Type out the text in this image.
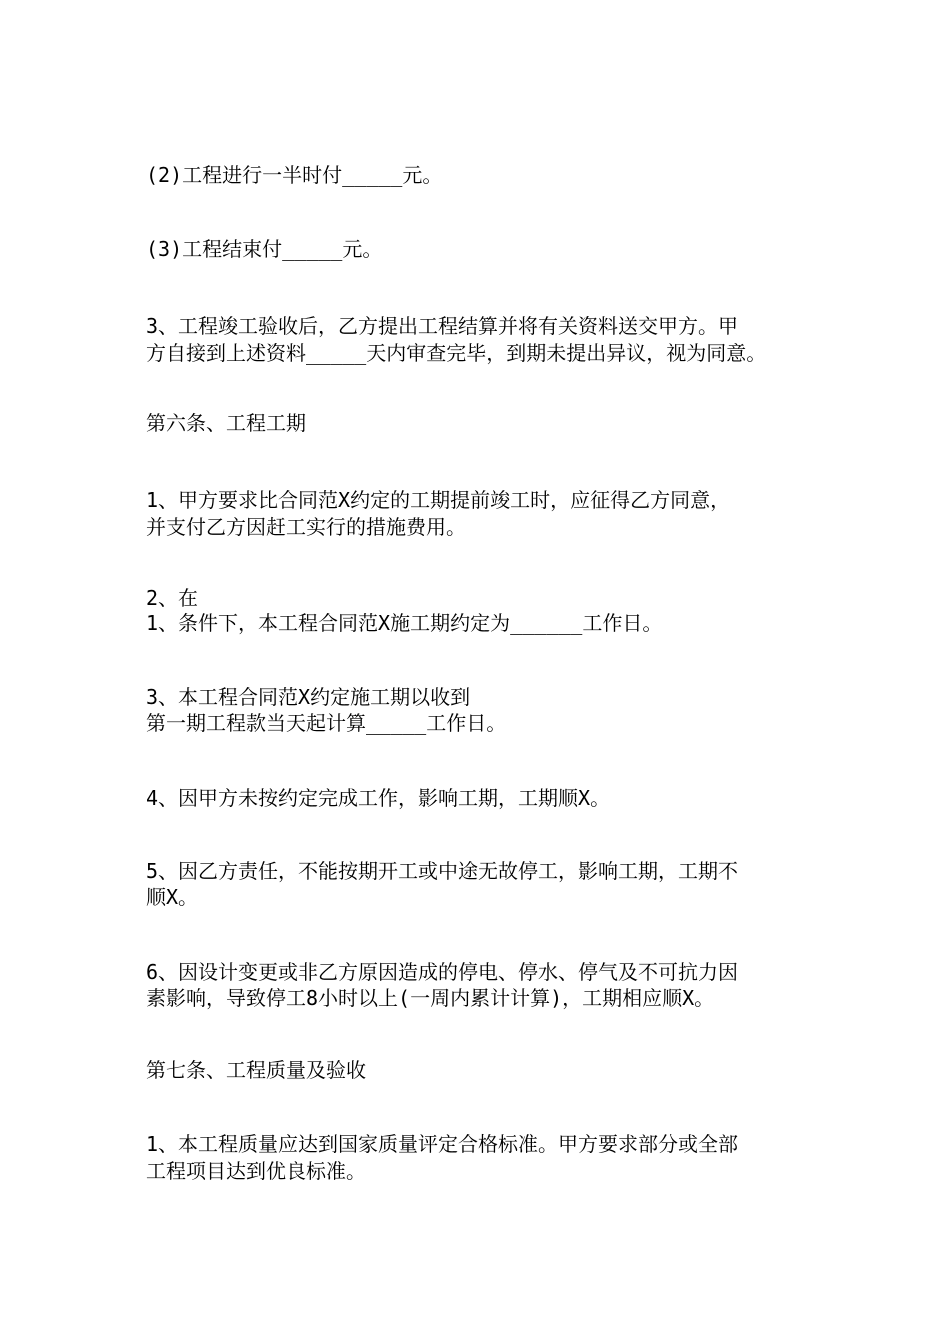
(2)工程进行一半时付_____元。
(3)工程结束付_____元。
3、工程竣工验收后，乙方提出工程结算并将有关资料送交甲方。甲
方自接到上述资料_____天内审查完毕，到期未提出异议，视为同意。
第六条、工程工期
1、甲方要求比合同范X约定的工期提前竣工时，应征得乙方同意，
并支付乙方因赶工实行的措施费用。
2、在
1、条件下，本工程合同范X施工期约定为______工作日。
3、本工程合同范X约定施工期以收到
第一期工程款当天起计算_____工作日。
4、因甲方未按约定完成工作，影响工期，工期顺X。
5、因乙方责任，不能按期开工或中途无故停工，影响工期，工期不
顺X。
6、因设计变更或非乙方原因造成的停电、停水、停气及不可抗力因
素影响，导致停工8小时以上(一周内累计计算)，工期相应顺X。
第七条、工程质量及验收
1、本工程质量应达到国家质量评定合格标准。甲方要求部分或全部
工程项目达到优良标准。
